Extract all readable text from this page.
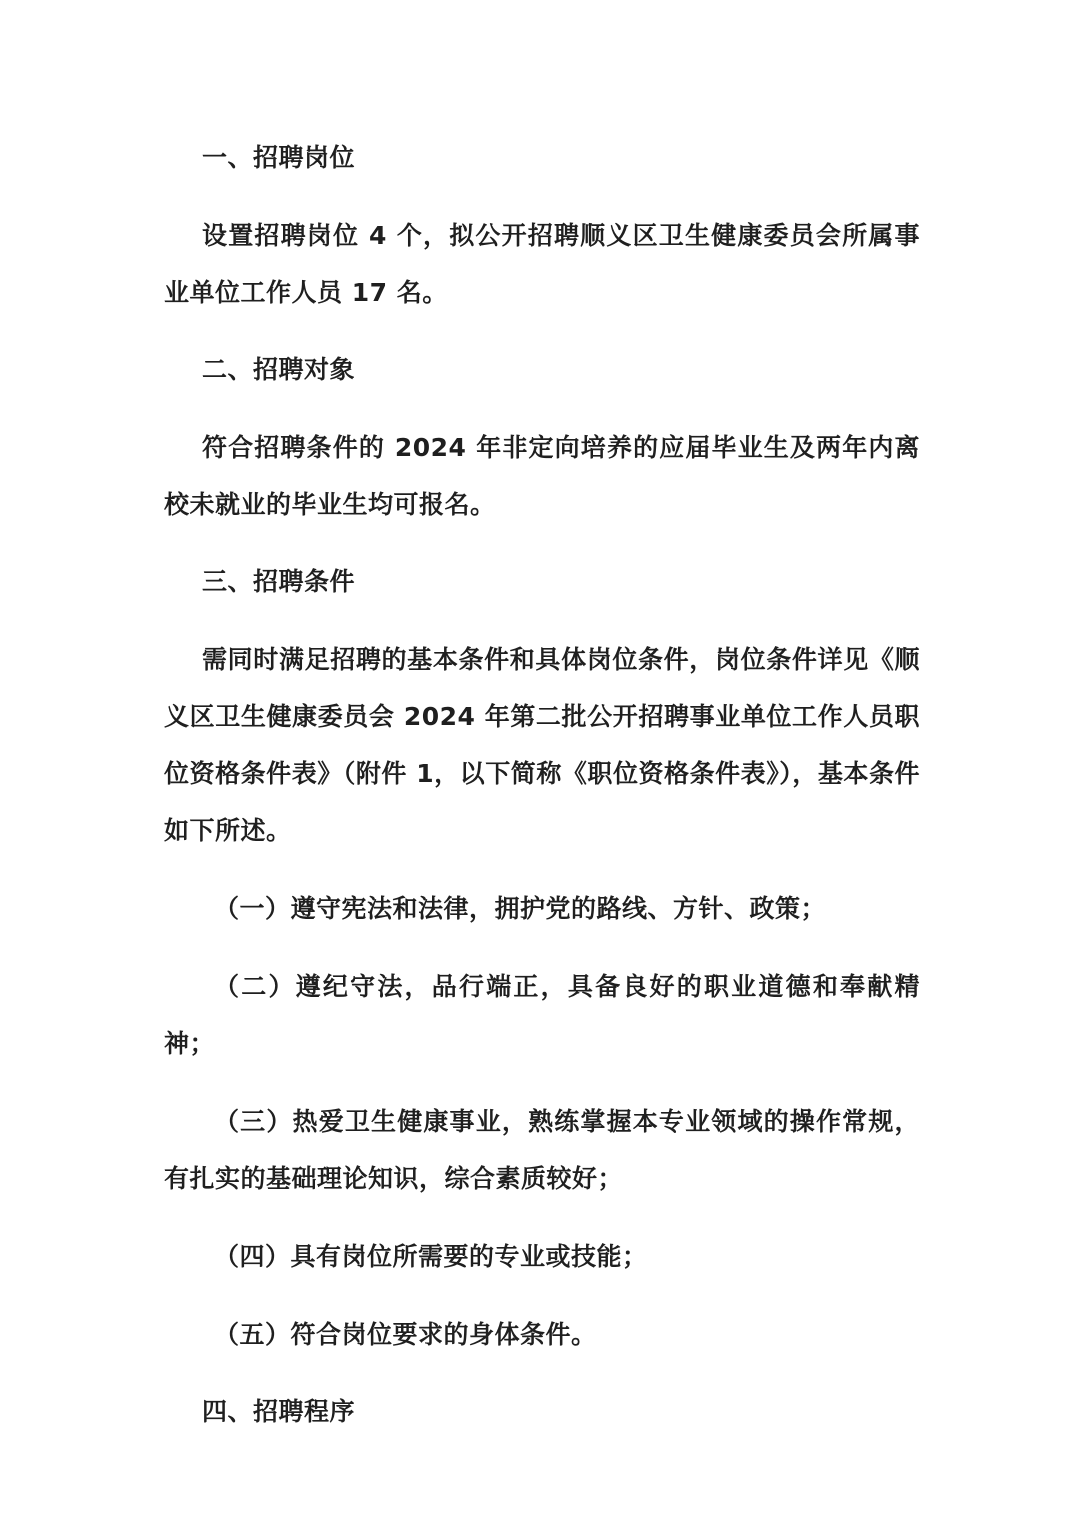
一、招聘岗位

设置招聘岗位 4 个，拟公开招聘顺义区卫生健康委员会所属事业单位工作人员 17 名。

二、招聘对象

符合招聘条件的 2024 年非定向培养的应届毕业生及两年内离校未就业的毕业生均可报名。

三、招聘条件

需同时满足招聘的基本条件和具体岗位条件，岗位条件详见《顺义区卫生健康委员会 2024 年第二批公开招聘事业单位工作人员职位资格条件表》（附件 1，以下简称《职位资格条件表》），基本条件如下所述。

（一）遵守宪法和法律，拥护党的路线、方针、政策；

（二）遵纪守法，品行端正，具备良好的职业道德和奉献精神；

（三）热爱卫生健康事业，熟练掌握本专业领域的操作常规，有扎实的基础理论知识，综合素质较好；

（四）具有岗位所需要的专业或技能；

（五）符合岗位要求的身体条件。

四、招聘程序
